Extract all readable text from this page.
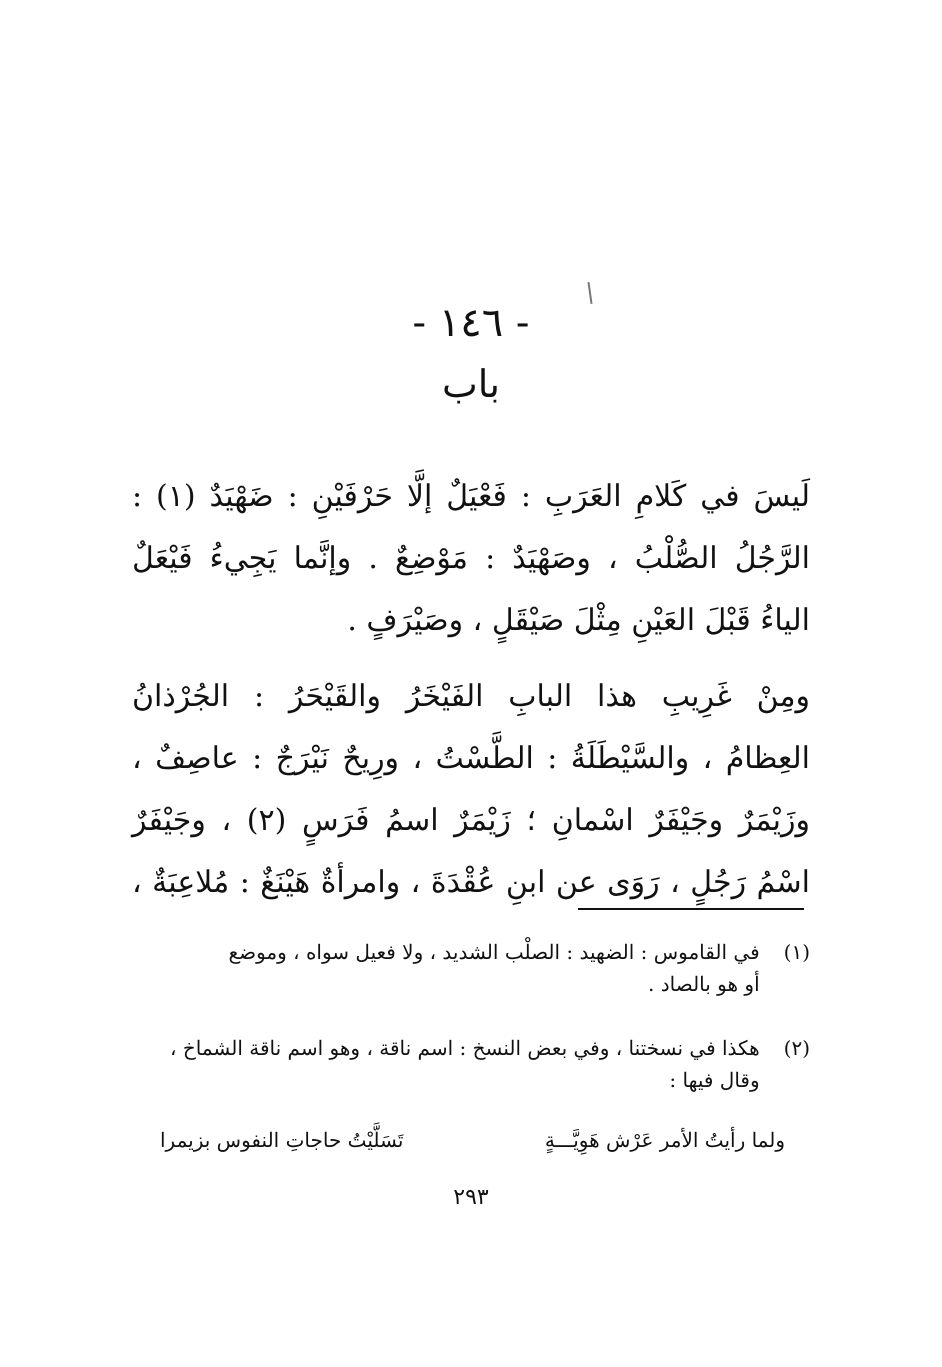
- ١٤٦ -
باب
لَيسَ في كَلامِ العَرَبِ : فَعْيَلٌ إلَّا حَرْفَيْنِ : ضَهْيَدٌ (١) :
الرَّجُلُ الصُّلْبُ ، وصَهْيَدٌ : مَوْضِعٌ . وإنَّما يَجِيءُ فَيْعَلٌ
الياءُ قَبْلَ العَيْنِ مِثْلَ صَيْقَلٍ ، وصَيْرَفٍ .
ومِنْ غَرِيبِ هذا البابِ الفَيْخَرُ والقَيْحَرُ : الجُرْذانُ
العِظامُ ، والسَّيْطَلَةُ : الطَّسْتُ ، ورِيحٌ نَيْرَجٌ : عاصِفٌ ،
وزَيْمَرٌ وجَيْفَرٌ اسْمانِ ؛ زَيْمَرٌ اسمُ فَرَسٍ (٢) ، وجَيْفَرٌ
اسْمُ رَجُلٍ ، رَوَى عن ابنِ عُقْدَةَ ، وامرأةٌ هَيْنَغٌ : مُلاعِبَةٌ ،
(١) في القاموس : الضهيد : الصلْب الشديد ، ولا فعيل سواه ، وموضع
أو هو بالصاد .
(٢) هكذا في نسختنا ، وفي بعض النسخ : اسم ناقة ، وهو اسم ناقة الشماخ ،
وقال فيها :
ولما رأيتُ الأمر عَرْش هَوِيَّـــةٍ
تَسَلَّيْتُ حاجاتِ النفوس بزيمرا
٢٩٣
